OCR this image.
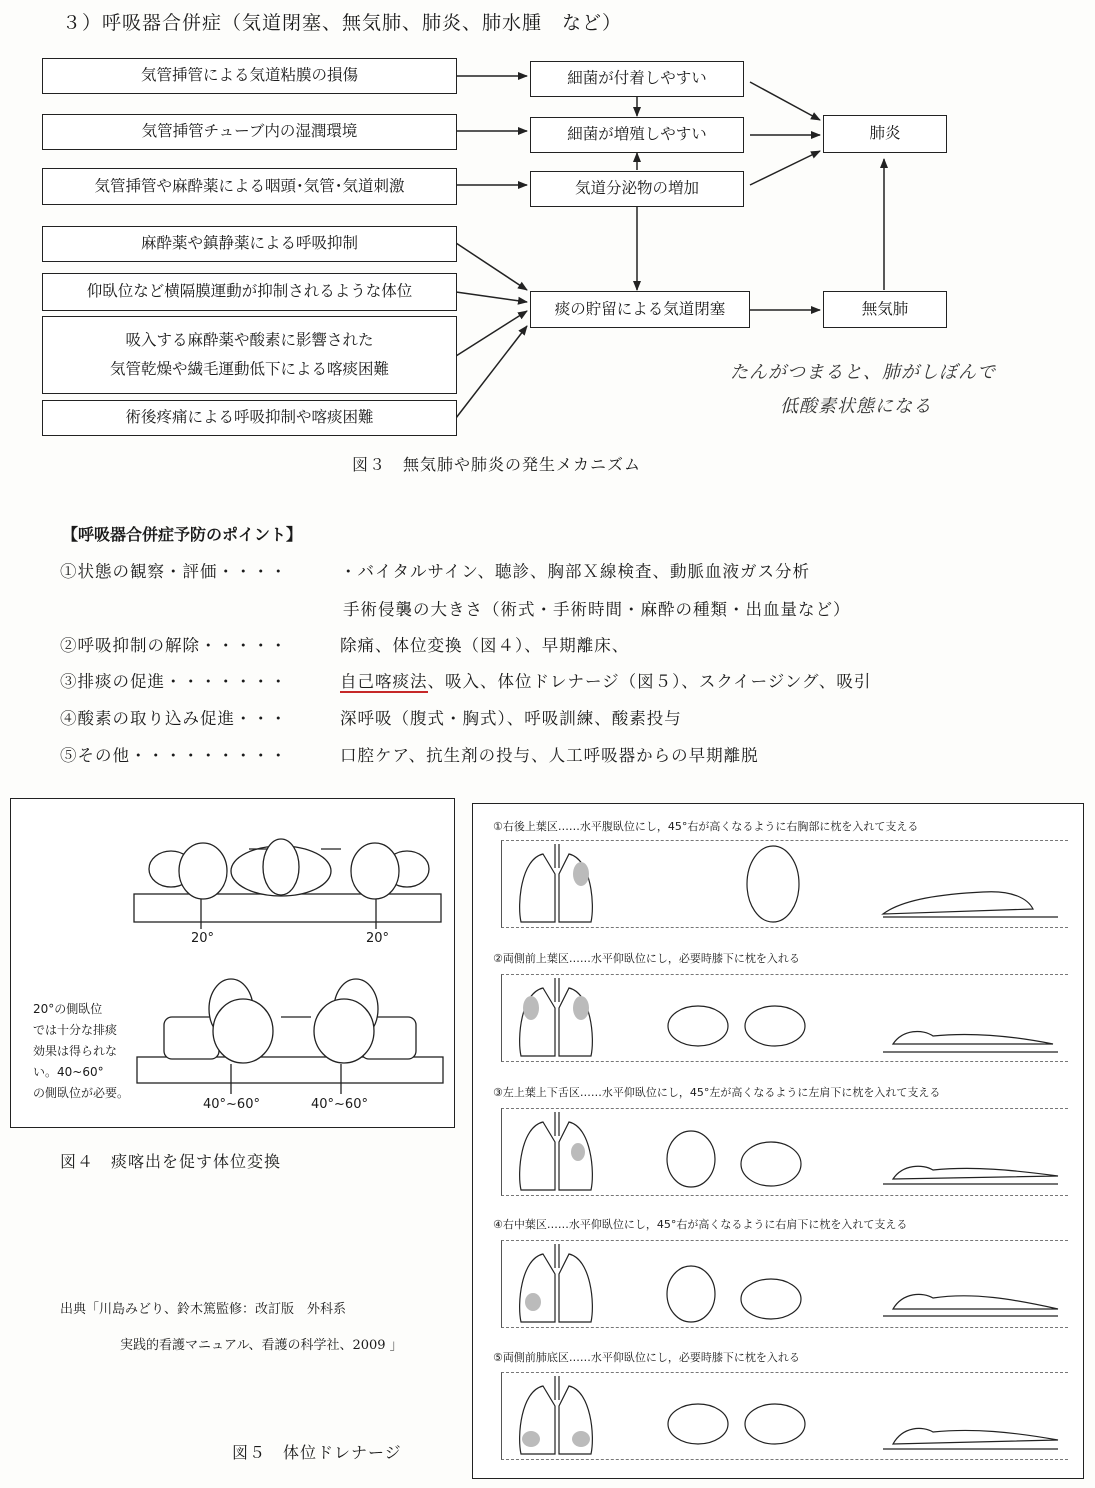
３）呼吸器合併症（気道閉塞、無気肺、肺炎、肺水腫　など）
気管挿管による気道粘膜の損傷
気管挿管チューブ内の湿潤環境
気管挿管や麻酔薬による咽頭･気管･気道刺激
麻酔薬や鎮静薬による呼吸抑制
仰臥位など横隔膜運動が抑制されるような体位
吸入する麻酔薬や酸素に影響された
気管乾燥や繊毛運動低下による喀痰困難
術後疼痛による呼吸抑制や喀痰困難
細菌が付着しやすい
細菌が増殖しやすい
気道分泌物の増加
痰の貯留による気道閉塞
肺炎
無気肺
たんがつまると、肺がしぼんで
低酸素状態になる
図３　無気肺や肺炎の発生メカニズム
【呼吸器合併症予防のポイント】
①状態の観察・評価・・・・	・バイタルサイン、聴診、胸部Ｘ線検査、動脈血液ガス分析
手術侵襲の大きさ（術式・手術時間・麻酔の種類・出血量など）
②呼吸抑制の解除・・・・・	除痛、体位変換（図４）、早期離床、
③排痰の促進・・・・・・・	自己喀痰法、吸入、体位ドレナージ（図５）、スクイージング、吸引
④酸素の取り込み促進・・・	深呼吸（腹式・胸式）、呼吸訓練、酸素投与
⑤その他・・・・・・・・・	口腔ケア、抗生剤の投与、人工呼吸器からの早期離脱
20°	20°
40°~60°	40°~60°
20°の側臥位
では十分な排痰
効果は得られな
い。40~60°
の側臥位が必要。
図４　痰喀出を促す体位変換
出典「川島みどり、鈴木篤監修：改訂版　外科系
実践的看護マニュアル、看護の科学社、2009 」
図５　体位ドレナージ
①右後上葉区……水平腹臥位にし，45°右が高くなるように右胸部に枕を入れて支える
②両側前上葉区……水平仰臥位にし，必要時膝下に枕を入れる
③左上葉上下舌区……水平仰臥位にし，45°左が高くなるように左肩下に枕を入れて支える
④右中葉区……水平仰臥位にし，45°右が高くなるように右肩下に枕を入れて支える
⑤両側前肺底区……水平仰臥位にし，必要時膝下に枕を入れる
